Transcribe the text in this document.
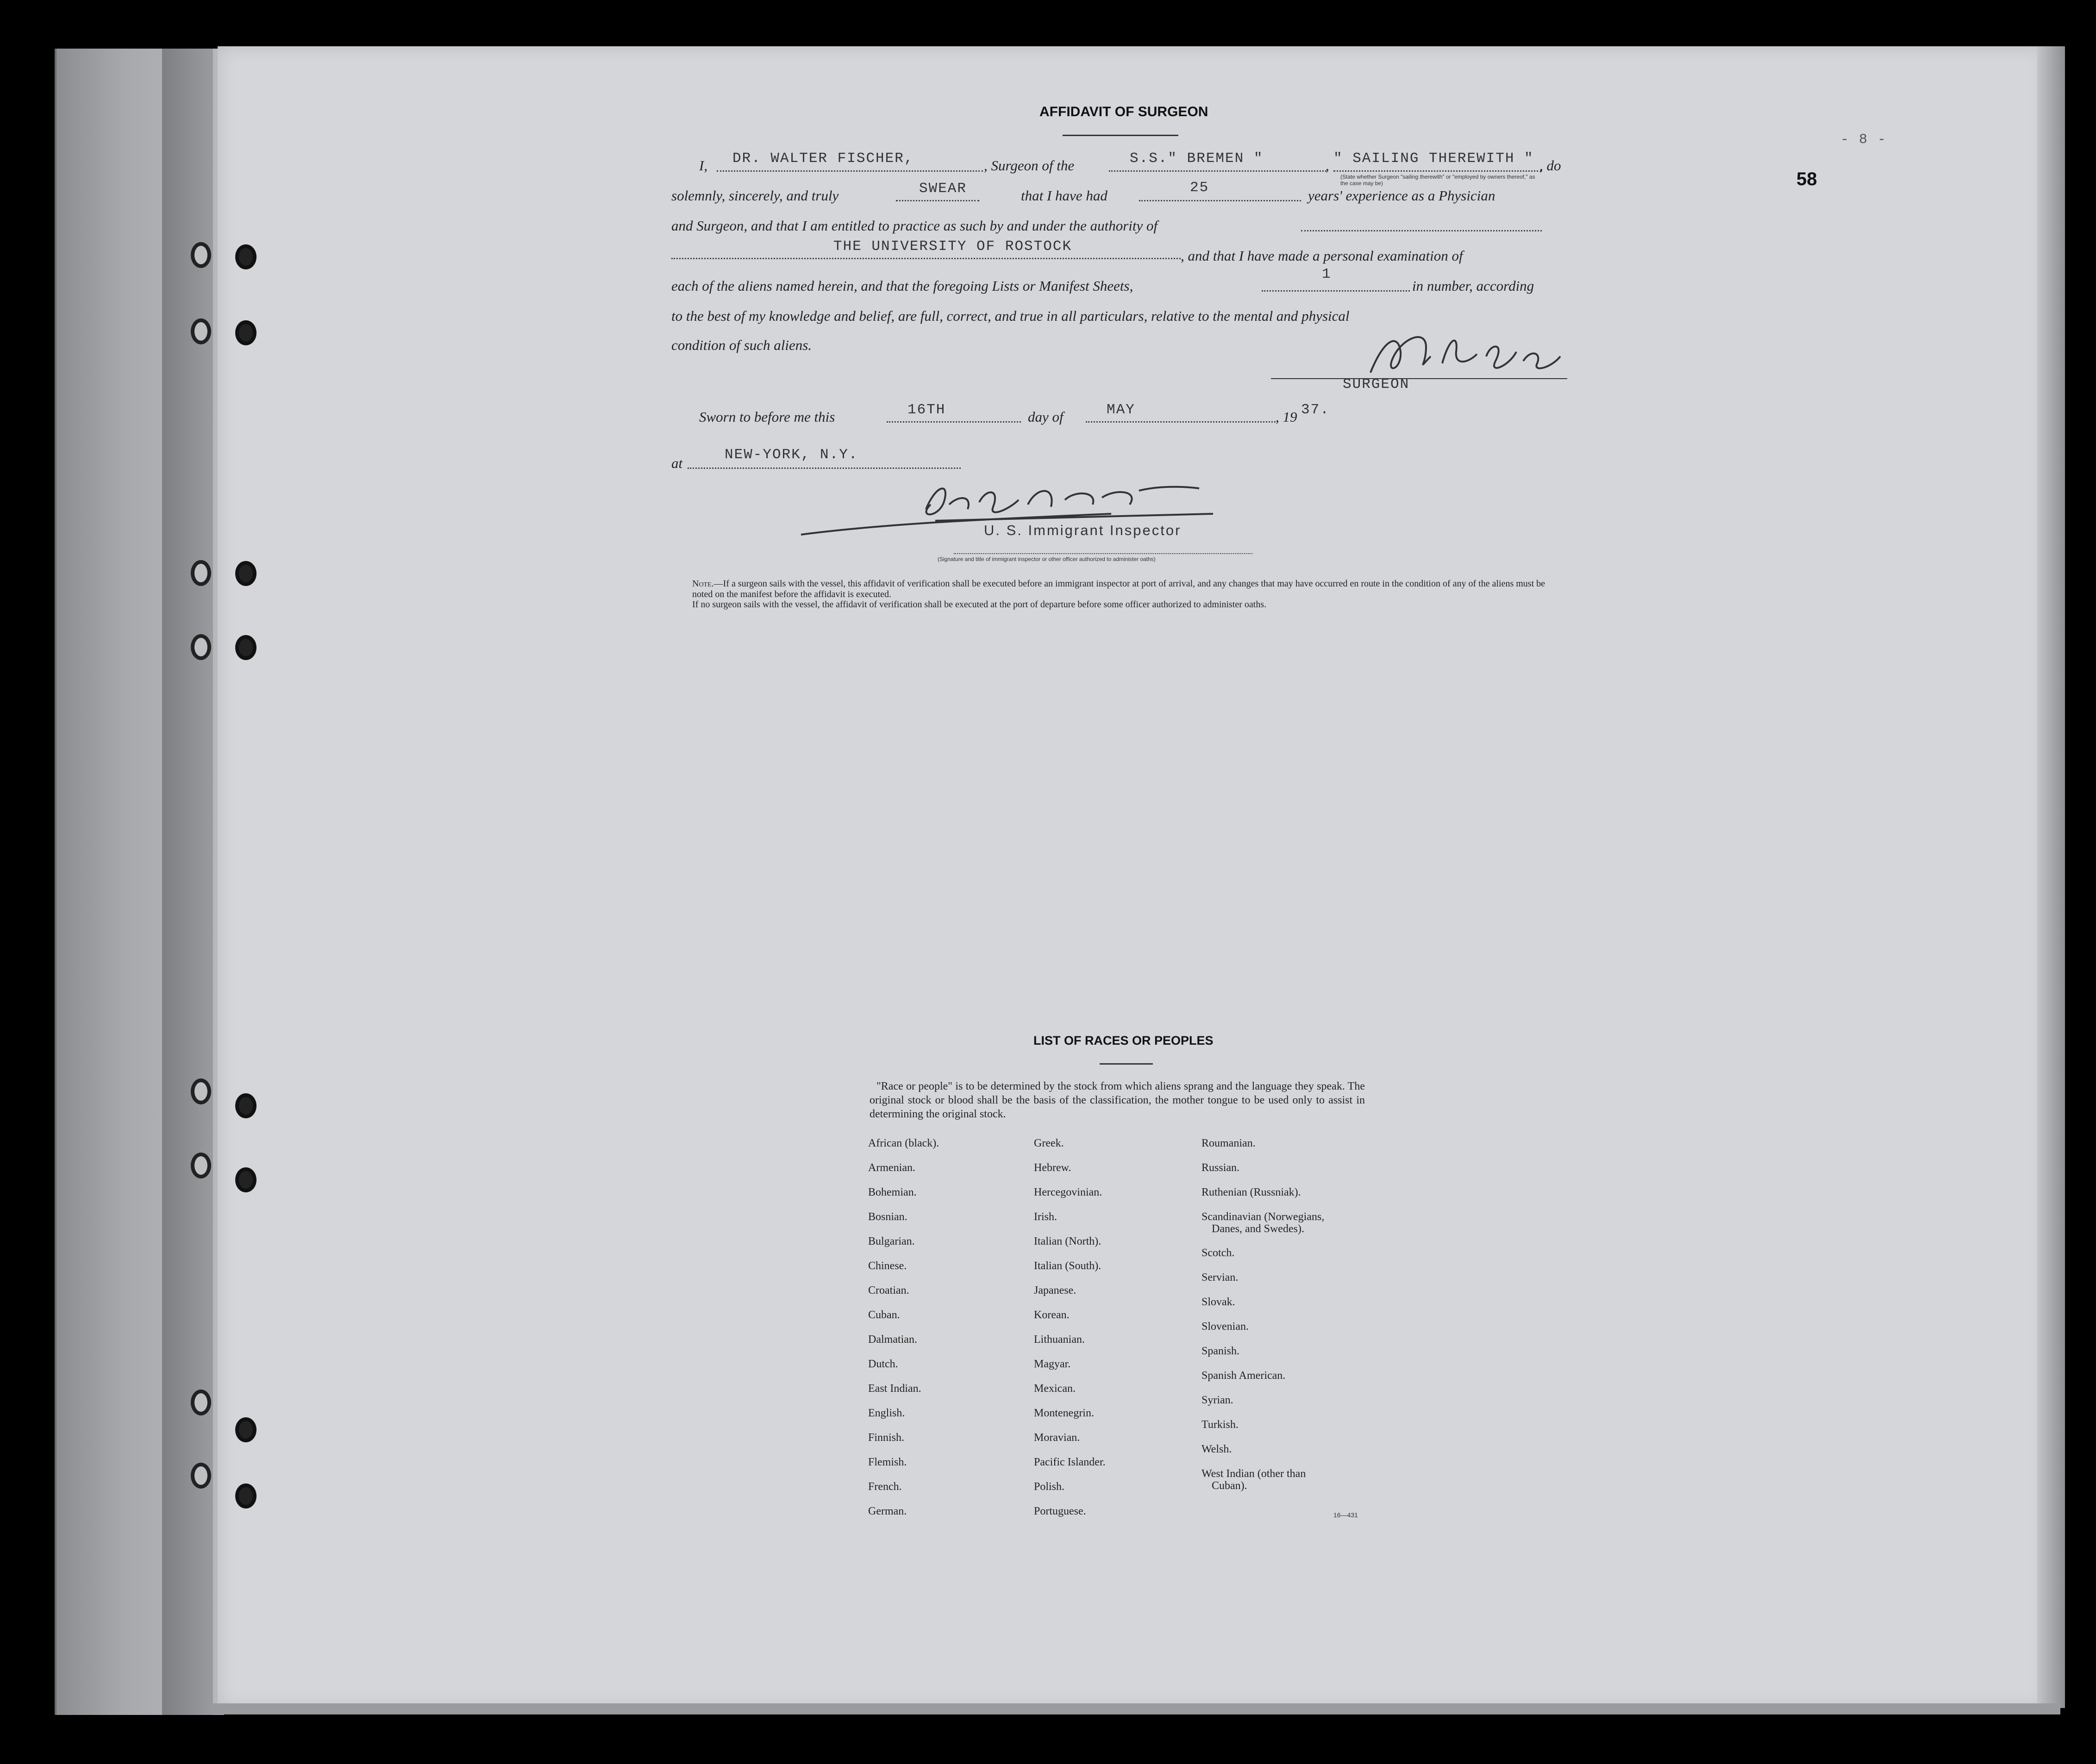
- 8 -
58
AFFIDAVIT OF SURGEON
I, DR. WALTER FISCHER,	, Surgeon of the	S.S." BREMEN "	, " SAILING THEREWITH "
(State whether Surgeon "sailing therewith" or "employed by owners thereof," as the case may be)
, do
solemnly, sincerely, and truly	SWEAR	that I have had	25	years' experience as a Physician
and Surgeon, and that I am entitled to practice as such by and under the authority of
THE UNIVERSITY OF ROSTOCK
, and that I have made a personal examination of
each of the aliens named herein, and that the foregoing Lists or Manifest Sheets,
1
in number, according
to the best of my knowledge and belief, are full, correct, and true in all particulars, relative to the mental and physical
condition of such aliens.
SURGEON
Sworn to before me this	16TH	day of	MAY	, 19 37.
at
NEW-YORK, N.Y.
U. S. Immigrant Inspector
(Signature and title of immigrant inspector or other officer authorized to administer oaths)
Note.—If a surgeon sails with the vessel, this affidavit of verification shall be executed before an immigrant inspector at port of arrival, and any changes that may have occurred en route in the condition of any of the aliens must be noted on the manifest before the affidavit is executed.
If no surgeon sails with the vessel, the affidavit of verification shall be executed at the port of departure before some officer authorized to administer oaths.
LIST OF RACES OR PEOPLES
"Race or people" is to be determined by the stock from which aliens sprang and the language they speak. The original stock or blood shall be the basis of the classification, the mother tongue to be used only to assist in determining the original stock.
African (black).
Armenian.
Bohemian.
Bosnian.
Bulgarian.
Chinese.
Croatian.
Cuban.
Dalmatian.
Dutch.
East Indian.
English.
Finnish.
Flemish.
French.
German.
Greek.
Hebrew.
Hercegovinian.
Irish.
Italian (North).
Italian (South).
Japanese.
Korean.
Lithuanian.
Magyar.
Mexican.
Montenegrin.
Moravian.
Pacific Islander.
Polish.
Portuguese.
Roumanian.
Russian.
Ruthenian (Russniak).
Scandinavian (Norwegians,
Danes, and Swedes).
Scotch.
Servian.
Slovak.
Slovenian.
Spanish.
Spanish American.
Syrian.
Turkish.
Welsh.
West Indian (other than
Cuban).
16—431
